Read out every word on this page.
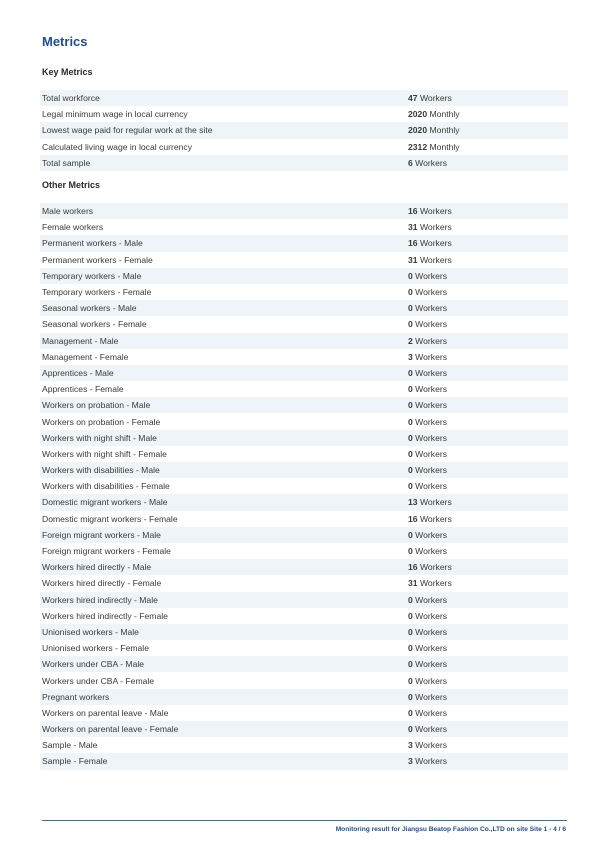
Metrics
Key Metrics
Total workforce	47 Workers
Legal minimum wage in local currency	2020 Monthly
Lowest wage paid for regular work at the site	2020 Monthly
Calculated living wage in local currency	2312 Monthly
Total sample	6 Workers
Other Metrics
Male workers	16 Workers
Female workers	31 Workers
Permanent workers - Male	16 Workers
Permanent workers - Female	31 Workers
Temporary workers - Male	0 Workers
Temporary workers - Female	0 Workers
Seasonal workers - Male	0 Workers
Seasonal workers - Female	0 Workers
Management - Male	2 Workers
Management - Female	3 Workers
Apprentices - Male	0 Workers
Apprentices - Female	0 Workers
Workers on probation - Male	0 Workers
Workers on probation - Female	0 Workers
Workers with night shift - Male	0 Workers
Workers with night shift - Female	0 Workers
Workers with disabilities - Male	0 Workers
Workers with disabilities - Female	0 Workers
Domestic migrant workers - Male	13 Workers
Domestic migrant workers - Female	16 Workers
Foreign migrant workers - Male	0 Workers
Foreign migrant workers - Female	0 Workers
Workers hired directly - Male	16 Workers
Workers hired directly - Female	31 Workers
Workers hired indirectly - Male	0 Workers
Workers hired indirectly - Female	0 Workers
Unionised workers - Male	0 Workers
Unionised workers - Female	0 Workers
Workers under CBA - Male	0 Workers
Workers under CBA - Female	0 Workers
Pregnant workers	0 Workers
Workers on parental leave - Male	0 Workers
Workers on parental leave - Female	0 Workers
Sample - Male	3 Workers
Sample - Female	3 Workers
Monitoring result for Jiangsu Beatop Fashion Co.,LTD on site Site 1 - 4 / 6
